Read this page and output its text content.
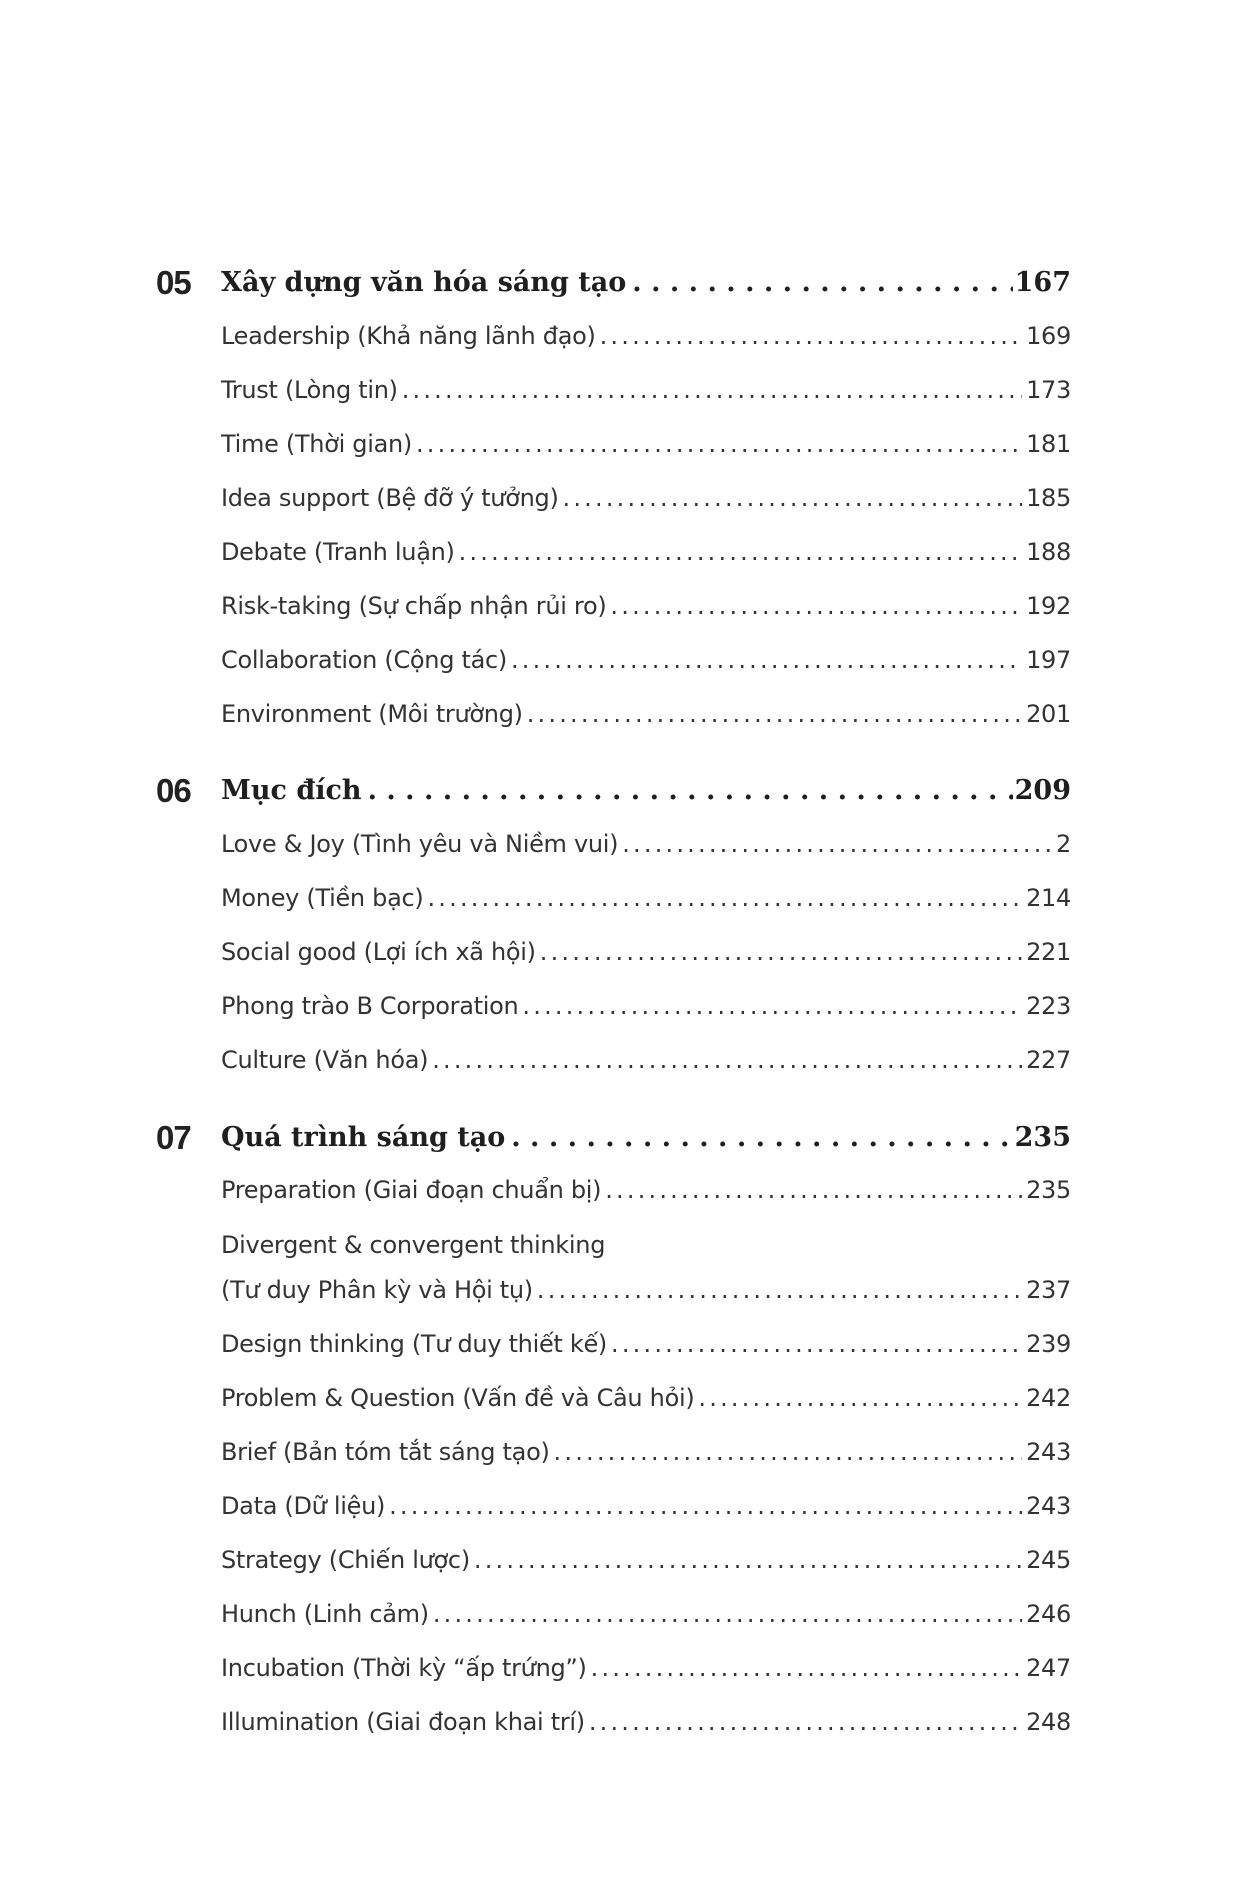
05 Xây dựng văn hóa sáng tạo . . .	167
Leadership (Khả năng lãnh đạo) .....	169
Trust (Lòng tin) .....	173
Time (Thời gian) .....	181
Idea support (Bệ đỡ ý tưởng) .....	185
Debate (Tranh luận) .....	188
Risk-taking (Sự chấp nhận rủi ro) .....	192
Collaboration (Cộng tác) .....	197
Environment (Môi trường) .....	201
06 Mục đích . . .	209
Love & Joy (Tình yêu và Niềm vui) .....	2
Money (Tiền bạc) .....	214
Social good (Lợi ích xã hội) .....	221
Phong trào B Corporation .....	223
Culture (Văn hóa) .....	227
07 Quá trình sáng tạo . . .	235
Preparation (Giai đoạn chuẩn bị) .....	235
Divergent & convergent thinking
(Tư duy Phân kỳ và Hội tụ) .....	237
Design thinking (Tư duy thiết kế) .....	239
Problem & Question (Vấn đề và Câu hỏi) .....	242
Brief (Bản tóm tắt sáng tạo) .....	243
Data (Dữ liệu) .....	243
Strategy (Chiến lược) .....	245
Hunch (Linh cảm) .....	246
Incubation (Thời kỳ “ấp trứng”) .....	247
Illumination (Giai đoạn khai trí) .....	248
